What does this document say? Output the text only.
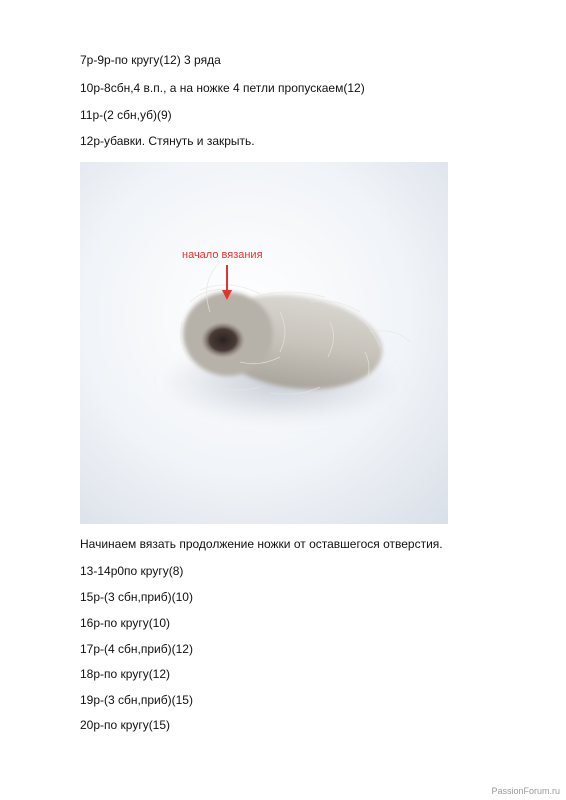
7р-9р-по кругу(12) 3 ряда
10р-8сбн,4 в.п., а на ножке 4 петли пропускаем(12)
11р-(2 сбн,уб)(9)
12р-убавки. Стянуть и закрыть.
начало вязания
Начинаем вязать продолжение ножки от оставшегося отверстия.
13-14р0по кругу(8)
15р-(3 сбн,приб)(10)
16р-по кругу(10)
17р-(4 сбн,приб)(12)
18р-по кругу(12)
19р-(3 сбн,приб)(15)
20р-по кругу(15)
PassionForum.ru
